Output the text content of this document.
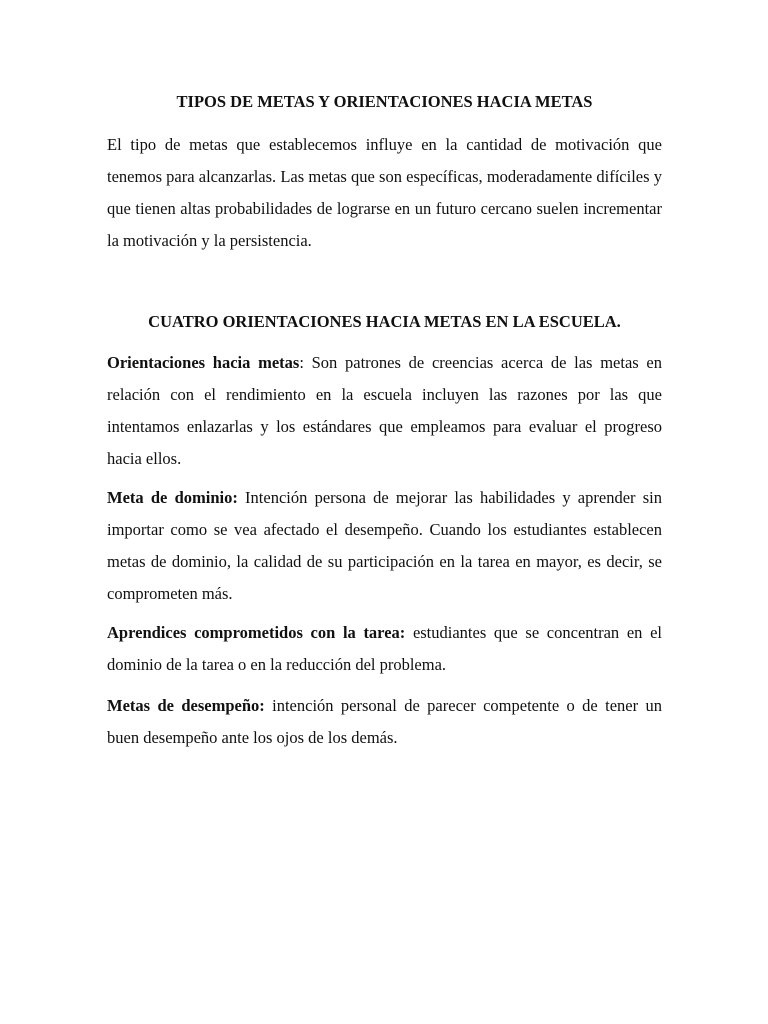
TIPOS DE METAS Y ORIENTACIONES HACIA METAS

El tipo de metas que establecemos influye en la cantidad de motivación que tenemos para alcanzarlas. Las metas que son específicas, moderadamente difíciles y que tienen altas probabilidades de lograrse en un futuro cercano suelen incrementar la motivación y la persistencia.

CUATRO ORIENTACIONES HACIA METAS EN LA ESCUELA.

Orientaciones hacia metas: Son patrones de creencias acerca de las metas en relación con el rendimiento en la escuela incluyen las razones por las que intentamos enlazarlas y los estándares que empleamos para evaluar el progreso hacia ellos.

Meta de dominio: Intención persona de mejorar las habilidades y aprender sin importar como se vea afectado el desempeño. Cuando los estudiantes establecen metas de dominio, la calidad de su participación en la tarea en mayor, es decir, se comprometen más.

Aprendices comprometidos con la tarea: estudiantes que se concentran en el dominio de la tarea o en la reducción del problema.

Metas de desempeño: intención personal de parecer competente o de tener un buen desempeño ante los ojos de los demás.
